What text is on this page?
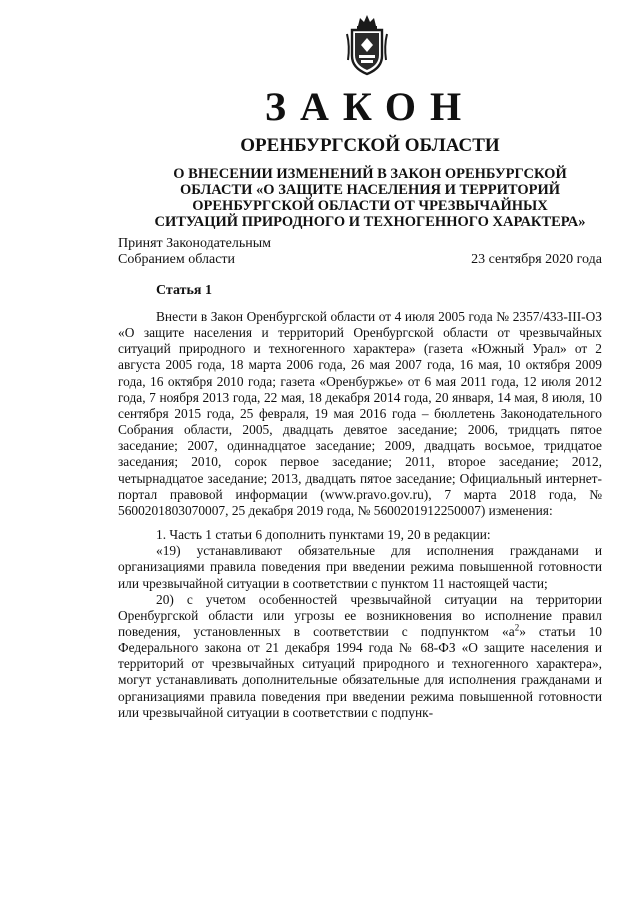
ЗАКОН
ОРЕНБУРГСКОЙ ОБЛАСТИ
О ВНЕСЕНИИ ИЗМЕНЕНИЙ В ЗАКОН ОРЕНБУРГСКОЙ
ОБЛАСТИ «О ЗАЩИТЕ НАСЕЛЕНИЯ И ТЕРРИТОРИЙ
ОРЕНБУРГСКОЙ ОБЛАСТИ ОТ ЧРЕЗВЫЧАЙНЫХ
СИТУАЦИЙ ПРИРОДНОГО И ТЕХНОГЕННОГО ХАРАКТЕРА»
Принят Законодательным
Собранием области	23 сентября 2020 года
Статья 1

Внести в Закон Оренбургской области от 4 июля 2005 года № 2357/433-III-ОЗ «О защите населения и территорий Оренбургской области от чрезвычайных ситуаций природного и техногенного характера» (газета «Южный Урал» от 2 августа 2005 года, 18 марта 2006 года, 26 мая 2007 года, 16 мая, 10 октября 2009 года, 16 октября 2010 года; газета «Оренбуржье» от 6 мая 2011 года, 12 июля 2012 года, 7 ноября 2013 года, 22 мая, 18 декабря 2014 года, 20 января, 14 мая, 8 июля, 10 сентября 2015 года, 25 февраля, 19 мая 2016 года – бюллетень Законодательного Собрания области, 2005, двадцать девятое заседание; 2006, тридцать пятое заседание; 2007, одиннадцатое заседание; 2009, двадцать восьмое, тридцатое заседания; 2010, сорок первое заседание; 2011, второе заседание; 2012, четырнадцатое заседание; 2013, двадцать пятое заседание; Официальный интернет-портал правовой информации (www.pravo.gov.ru), 7 марта 2018 года, № 5600201803070007, 25 декабря 2019 года, № 5600201912250007) изменения:

1. Часть 1 статьи 6 дополнить пунктами 19, 20 в редакции:

«19) устанавливают обязательные для исполнения гражданами и организациями правила поведения при введении режима повышенной готовности или чрезвычайной ситуации в соответствии с пунктом 11 настоящей части;

20) с учетом особенностей чрезвычайной ситуации на территории Оренбургской области или угрозы ее возникновения во исполнение правил поведения, установленных в соответствии с подпунктом «$а^2$» статьи 10 Федерального закона от 21 декабря 1994 года № 68-ФЗ «О защите населения и территорий от чрезвычайных ситуаций природного и техногенного характера», могут устанавливать дополнительные обязательные для исполнения гражданами и организациями правила поведения при введении режима повышенной готовности или чрезвычайной ситуации в соответствии с подпунк-
